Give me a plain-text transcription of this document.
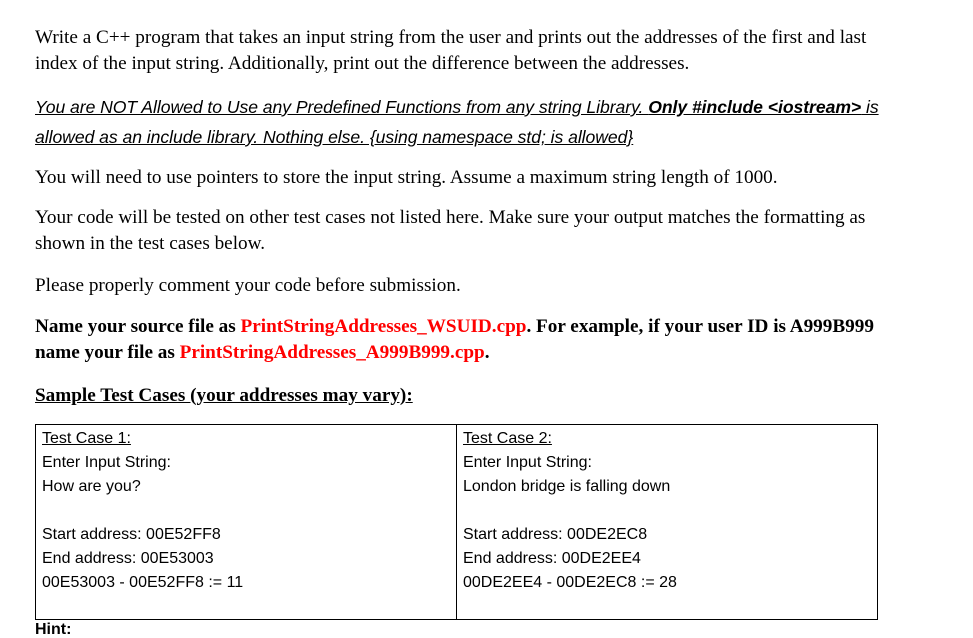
Write a C++ program that takes an input string from the user and prints out the addresses of the first and last index of the input string. Additionally, print out the difference between the addresses.

You are NOT Allowed to Use any Predefined Functions from any string Library. Only #include <iostream> is allowed as an include library. Nothing else. {using namespace std; is allowed}

You will need to use pointers to store the input string. Assume a maximum string length of 1000.

Your code will be tested on other test cases not listed here. Make sure your output matches the formatting as shown in the test cases below.

Please properly comment your code before submission.

Name your source file as PrintStringAddresses_WSUID.cpp. For example, if your user ID is A999B999 name your file as PrintStringAddresses_A999B999.cpp.

Sample Test Cases (your addresses may vary):

Test Case 1:
Enter Input String:
How are you?
Start address: 00E52FF8
End address: 00E53003
00E53003 - 00E52FF8 := 11

Test Case 2:
Enter Input String:
London bridge is falling down
Start address: 00DE2EC8
End address: 00DE2EE4
00DE2EE4 - 00DE2EC8 := 28
Hint:
